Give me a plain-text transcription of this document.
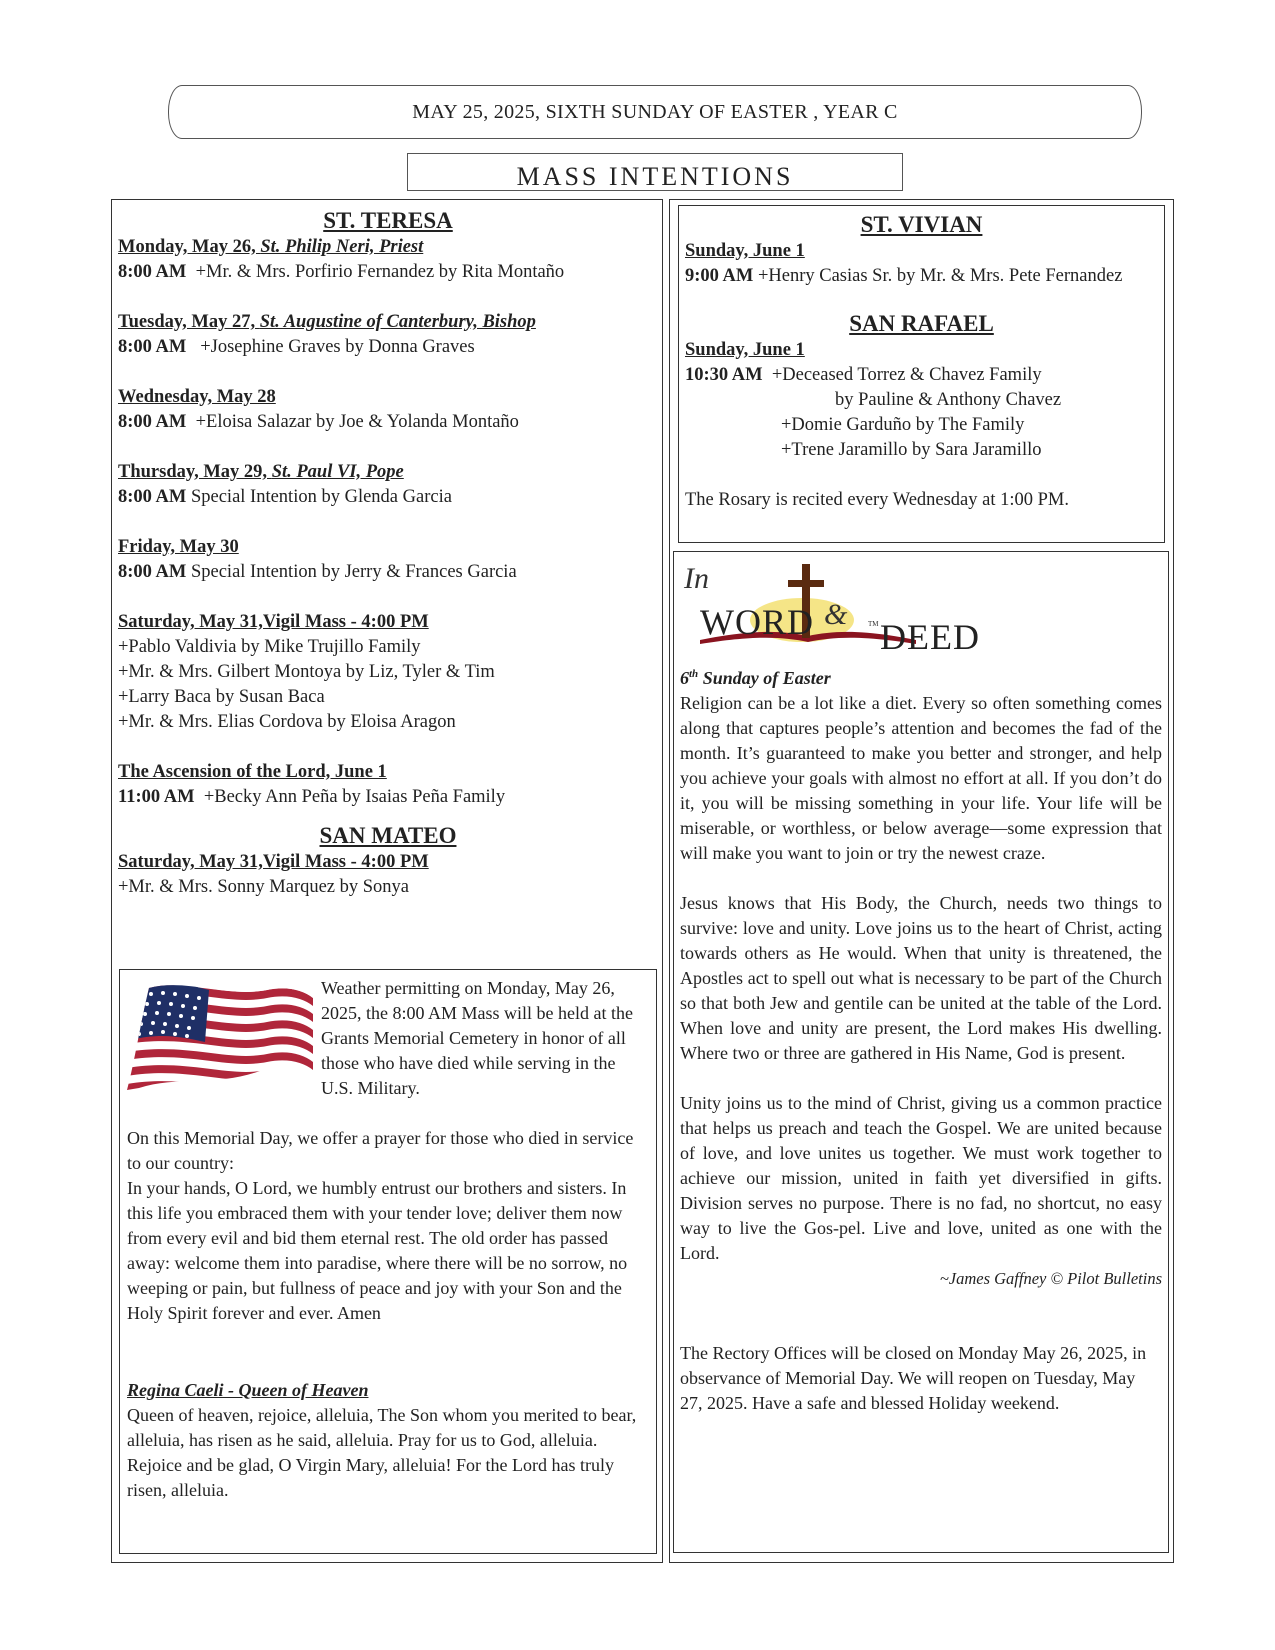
MAY 25, 2025, SIXTH SUNDAY OF EASTER , YEAR C
MASS INTENTIONS
ST. TERESA
Monday, May 26, St. Philip Neri, Priest
8:00 AM +Mr. & Mrs. Porfirio Fernandez by Rita Montaño
Tuesday, May 27, St. Augustine of Canterbury, Bishop
8:00 AM +Josephine Graves by Donna Graves
Wednesday, May 28
8:00 AM +Eloisa Salazar by Joe & Yolanda Montaño
Thursday, May 29, St. Paul VI, Pope
8:00 AM Special Intention by Glenda Garcia
Friday, May 30
8:00 AM Special Intention by Jerry & Frances Garcia
Saturday, May 31,Vigil Mass - 4:00 PM
+Pablo Valdivia by Mike Trujillo Family
+Mr. & Mrs. Gilbert Montoya by Liz, Tyler & Tim
+Larry Baca by Susan Baca
+Mr. & Mrs. Elias Cordova by Eloisa Aragon
The Ascension of the Lord, June 1
11:00 AM +Becky Ann Peña by Isaias Peña Family
SAN MATEO
Saturday, May 31,Vigil Mass - 4:00 PM
+Mr. & Mrs. Sonny Marquez by Sonya
Weather permitting on Monday, May 26, 2025, the 8:00 AM Mass will be held at the Grants Memorial Cemetery in honor of all those who have died while serving in the U.S. Military.
On this Memorial Day, we offer a prayer for those who died in service to our country:
In your hands, O Lord, we humbly entrust our brothers and sisters. In this life you embraced them with your tender love; deliver them now from every evil and bid them eternal rest. The old order has passed away: welcome them into paradise, where there will be no sorrow, no weeping or pain, but fullness of peace and joy with your Son and the Holy Spirit forever and ever. Amen
Regina Caeli - Queen of Heaven
Queen of heaven, rejoice, alleluia, The Son whom you merited to bear, alleluia, has risen as he said, alleluia. Pray for us to God, alleluia. Rejoice and be glad, O Virgin Mary, alleluia! For the Lord has truly risen, alleluia.
ST. VIVIAN
Sunday, June 1
9:00 AM +Henry Casias Sr. by Mr. & Mrs. Pete Fernandez
SAN RAFAEL
Sunday, June 1
10:30 AM +Deceased Torrez & Chavez Family
by Pauline & Anthony Chavez
+Domie Garduño by The Family
+Trene Jaramillo by Sara Jaramillo
The Rosary is recited every Wednesday at 1:00 PM.
In
WORD &	TM DEED
6th Sunday of Easter
Religion can be a lot like a diet. Every so often something comes along that captures people’s attention and becomes the fad of the month. It’s guaranteed to make you better and stronger, and help you achieve your goals with almost no effort at all. If you don’t do it, you will be missing something in your life. Your life will be miserable, or worthless, or below average—some expression that will make you want to join or try the newest craze.
Jesus knows that His Body, the Church, needs two things to survive: love and unity. Love joins us to the heart of Christ, acting towards others as He would. When that unity is threatened, the Apostles act to spell out what is necessary to be part of the Church so that both Jew and gentile can be united at the table of the Lord. When love and unity are present, the Lord makes His dwelling. Where two or three are gathered in His Name, God is present.
Unity joins us to the mind of Christ, giving us a common practice that helps us preach and teach the Gospel. We are united because of love, and love unites us together. We must work together to achieve our mission, united in faith yet diversified in gifts. Division serves no purpose. There is no fad, no shortcut, no easy way to live the Gos-pel. Live and love, united as one with the Lord.
~James Gaffney © Pilot Bulletins
The Rectory Offices will be closed on Monday May 26, 2025, in observance of Memorial Day. We will reopen on Tuesday, May 27, 2025. Have a safe and blessed Holiday weekend.
